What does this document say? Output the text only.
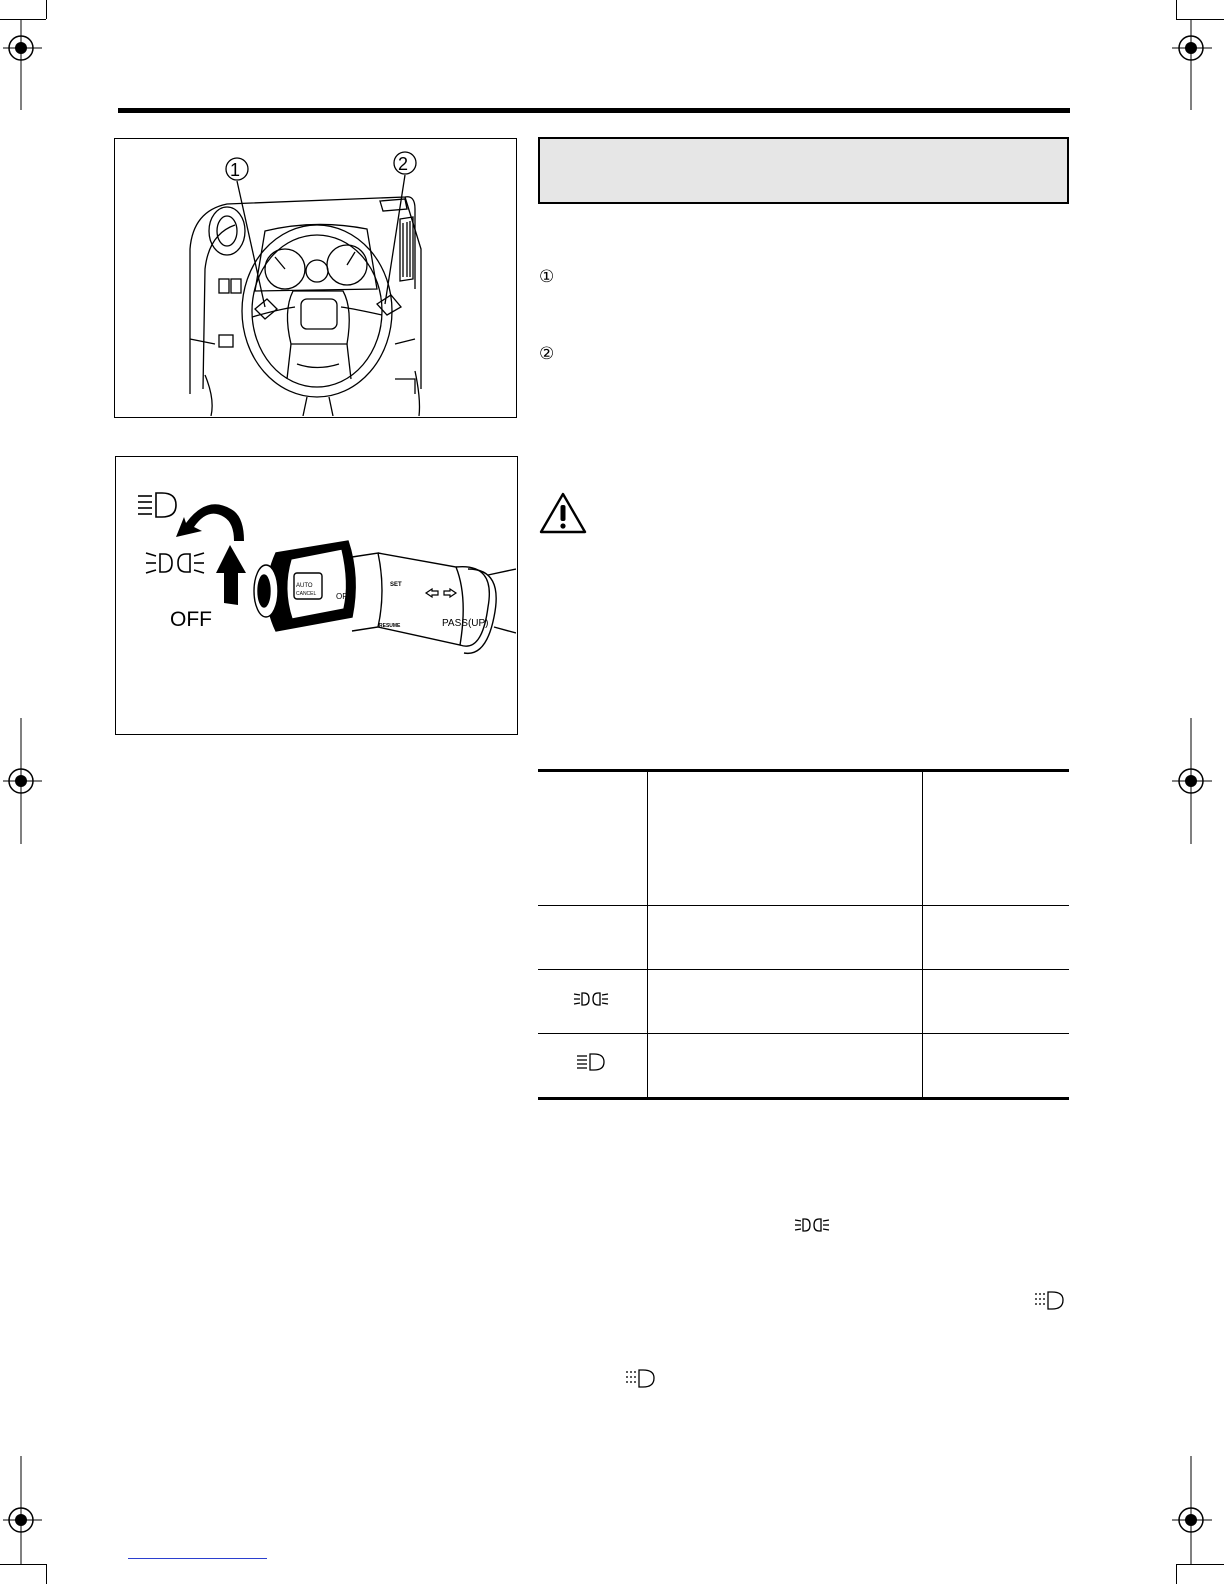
1	2
OFF
AUTO
CANCEL OFF
SET
RESUME	PASS(UP)
①
②
